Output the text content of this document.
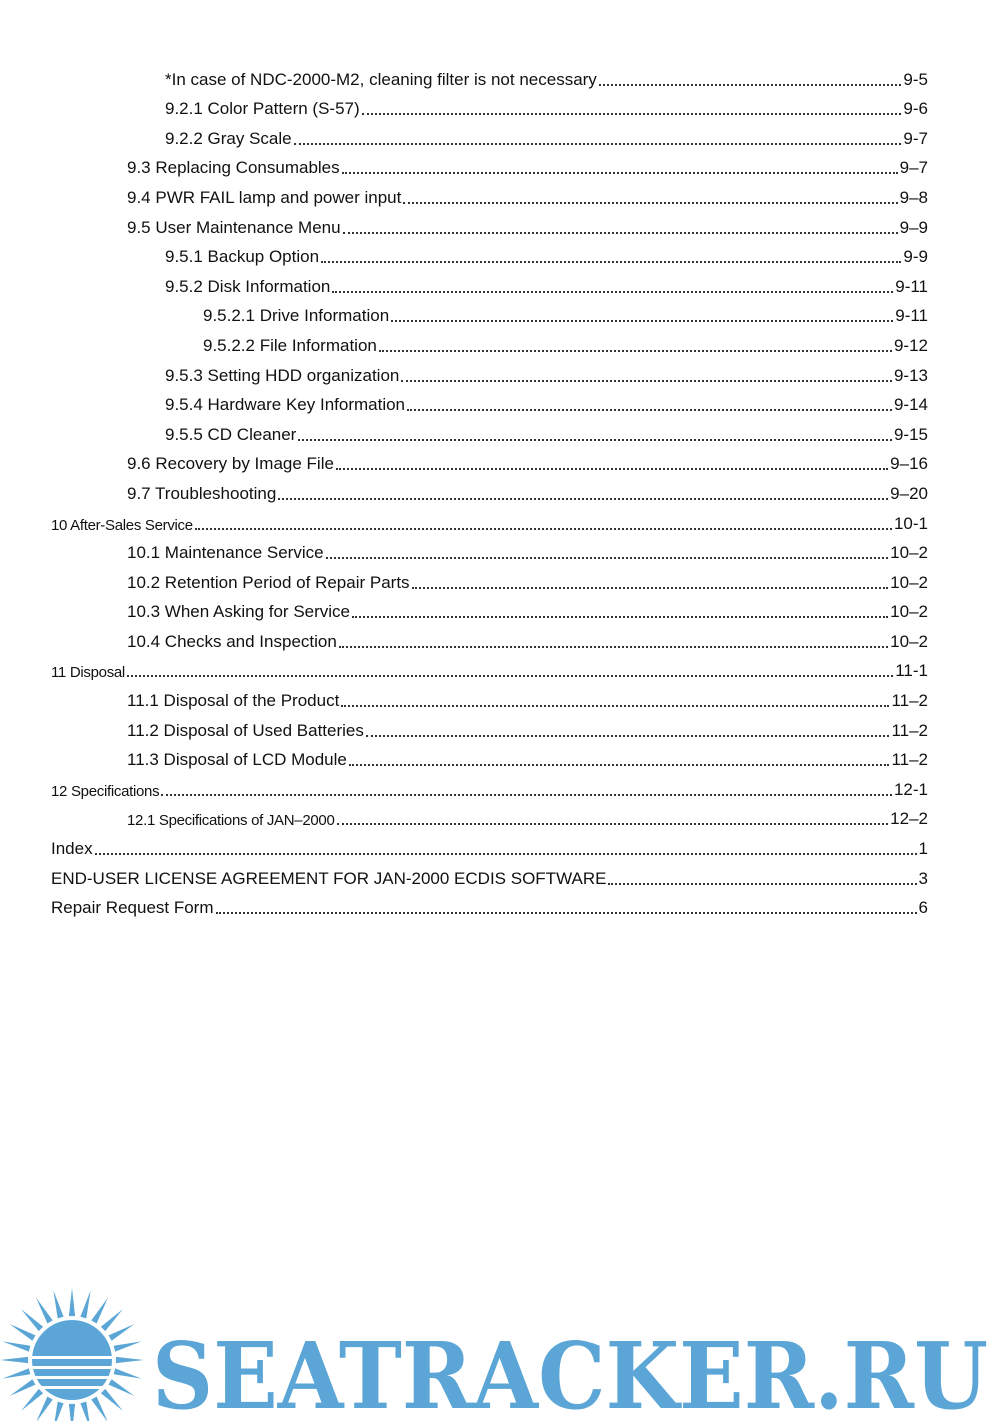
*In case of NDC-2000-M2, cleaning filter is not necessary	9-5
9.2.1 Color Pattern (S-57)	9-6
9.2.2 Gray Scale	9-7
9.3 Replacing Consumables	9–7
9.4 PWR FAIL lamp and power input	9–8
9.5 User Maintenance Menu	9–9
9.5.1 Backup Option	9-9
9.5.2 Disk Information	9-11
9.5.2.1 Drive Information	9-11
9.5.2.2 File Information	9-12
9.5.3 Setting HDD organization	9-13
9.5.4 Hardware Key Information	9-14
9.5.5 CD Cleaner	9-15
9.6 Recovery by Image File	9–16
9.7 Troubleshooting	9–20
10 After-Sales Service	10-1
10.1 Maintenance Service	10–2
10.2 Retention Period of Repair Parts	10–2
10.3 When Asking for Service	10–2
10.4 Checks and Inspection	10–2
11 Disposal	11-1
11.1 Disposal of the Product	11–2
11.2 Disposal of Used Batteries	11–2
11.3 Disposal of LCD Module	11–2
12 Specifications	12-1
12.1 Specifications of JAN–2000	12–2
Index	1
END-USER LICENSE AGREEMENT FOR JAN-2000 ECDIS SOFTWARE	3
Repair Request Form	6
SEATRACKER.RU
